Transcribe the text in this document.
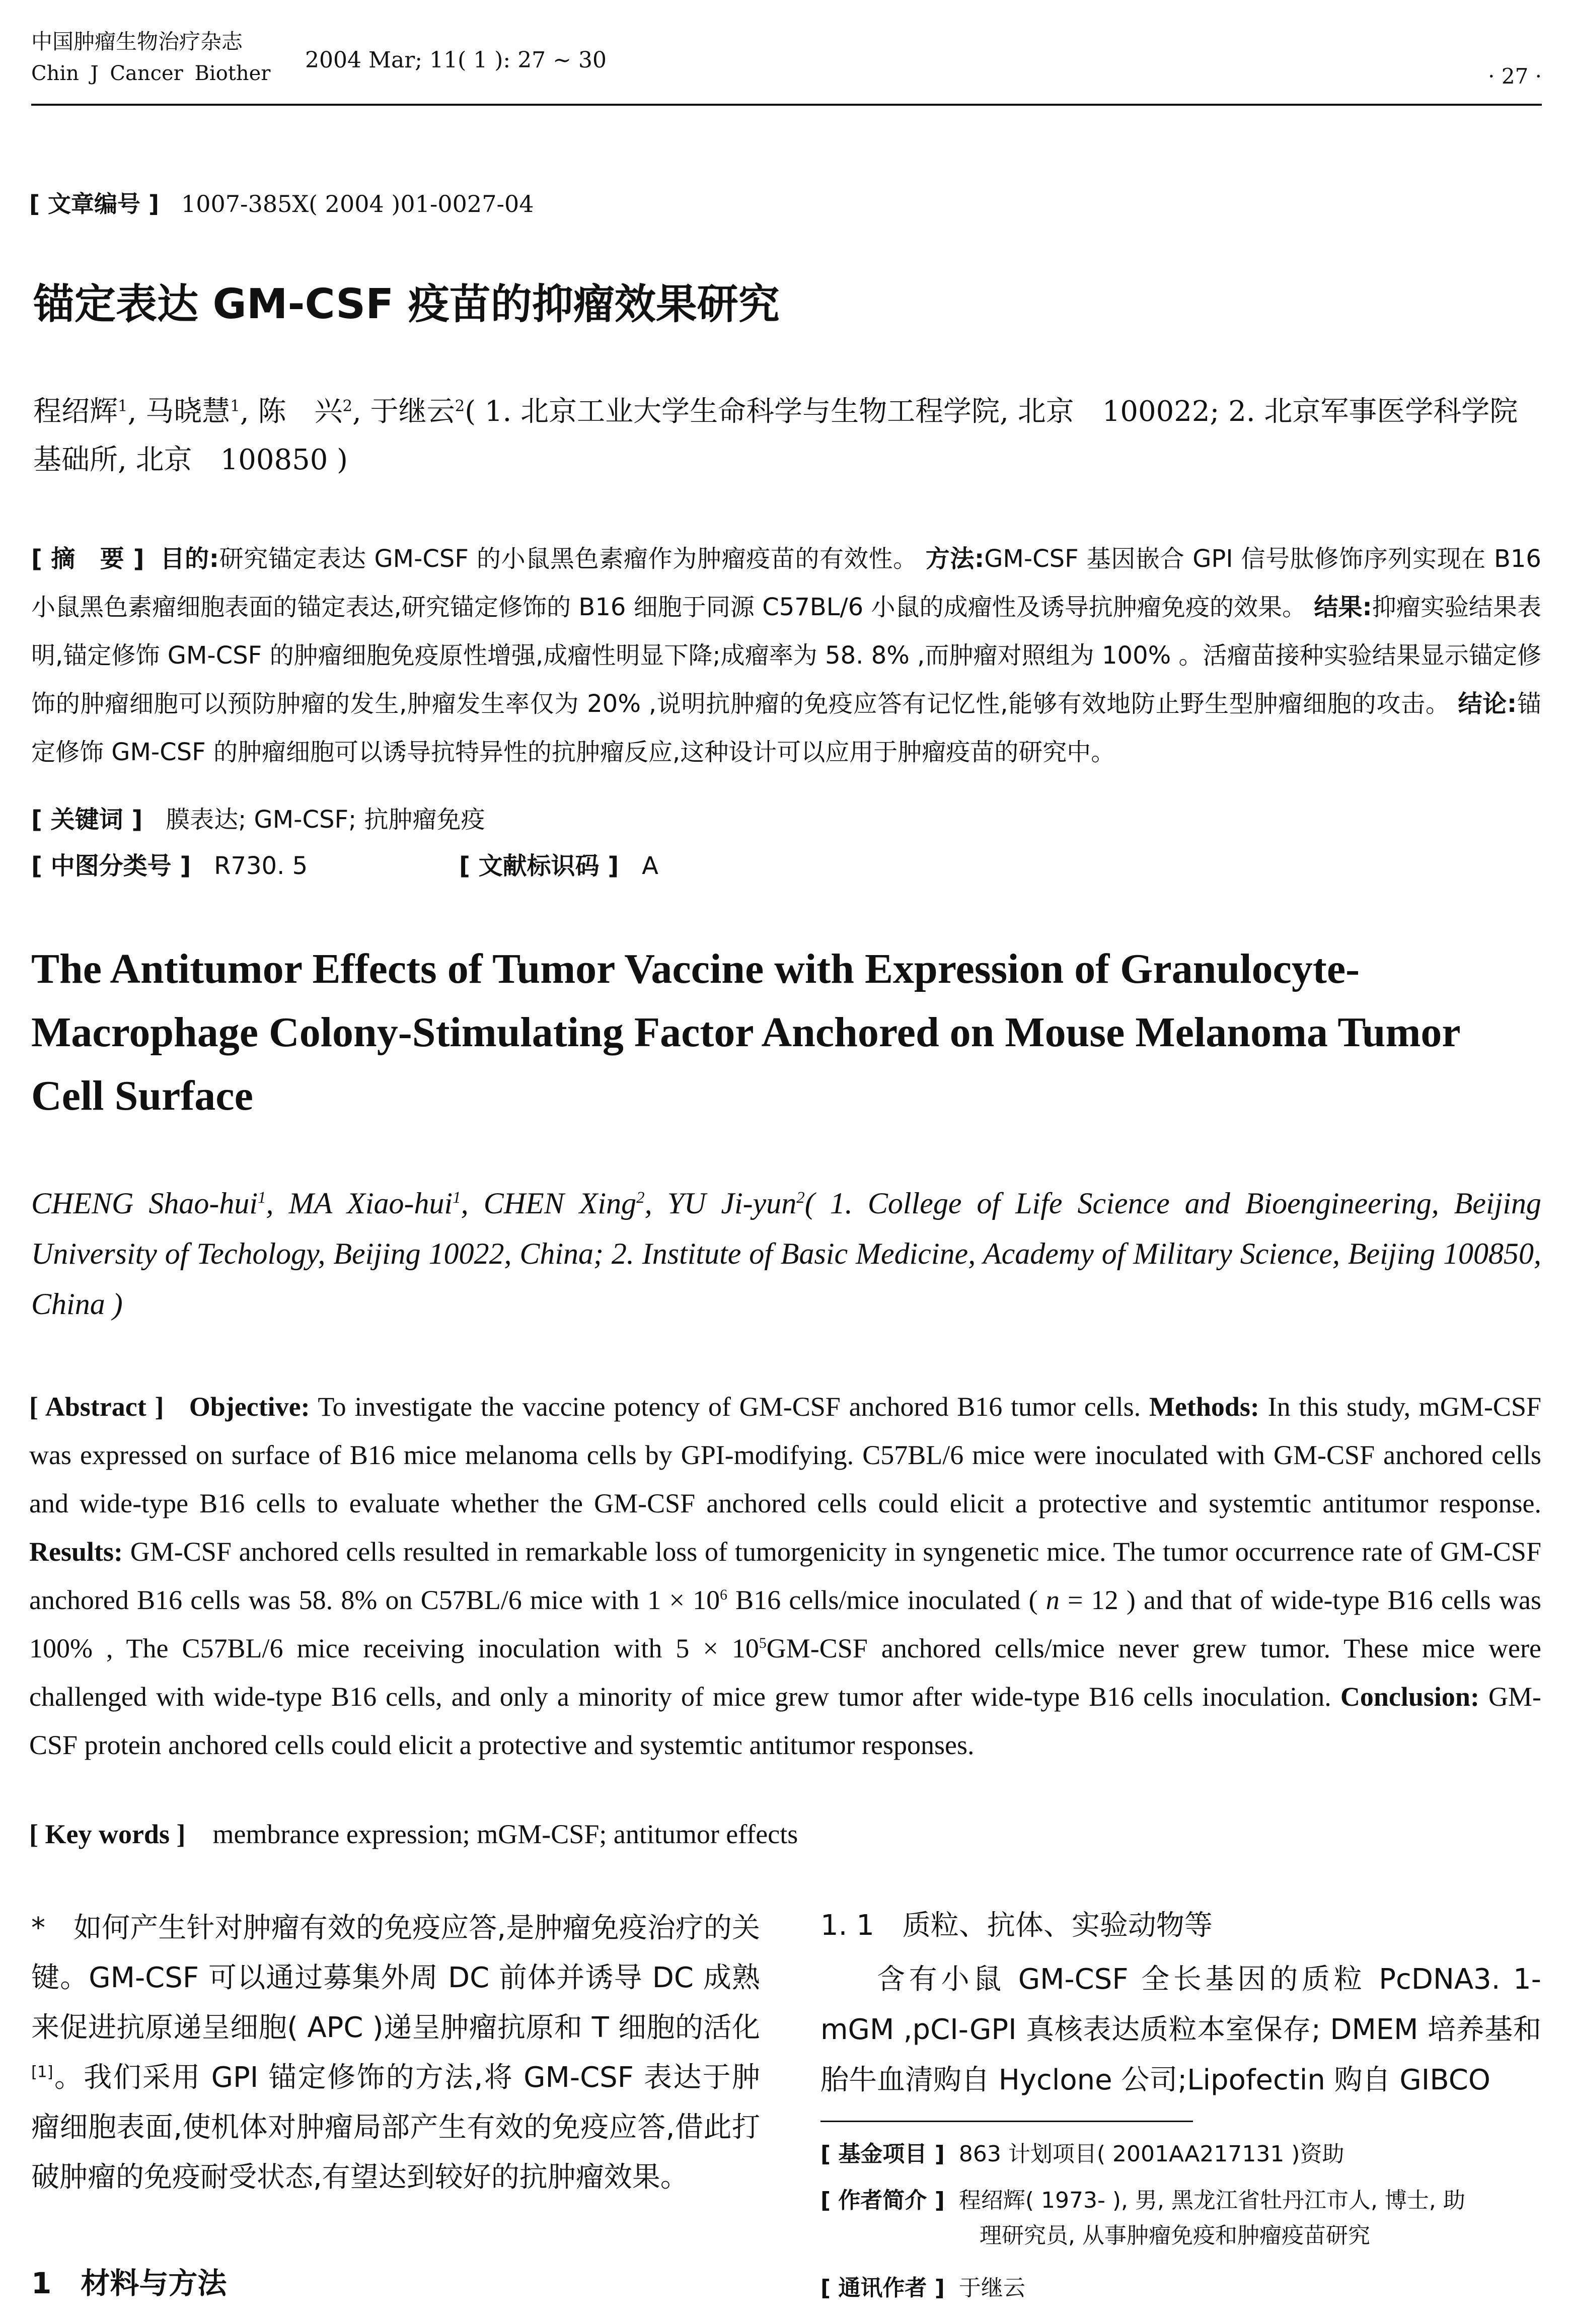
中国肿瘤生物治疗杂志
Chin J Cancer Biother
2004 Mar; 11( 1 ): 27 ~ 30
· 27 ·
[ 文章编号 ] 1007-385X( 2004 )01-0027-04
锚定表达 GM-CSF 疫苗的抑瘤效果研究
程绍辉$^1$, 马晓慧$^1$, 陈　兴$^2$, 于继云$^2$( 1. 北京工业大学生命科学与生物工程学院, 北京　100022; 2. 北京军事医学科学院基础所, 北京　100850 )
[ 摘　要 ] 目的:研究锚定表达 GM-CSF 的小鼠黑色素瘤作为肿瘤疫苗的有效性。 方法:GM-CSF 基因嵌合 GPI 信号肽修饰序列实现在 B16 小鼠黑色素瘤细胞表面的锚定表达,研究锚定修饰的 B16 细胞于同源 C57BL/6 小鼠的成瘤性及诱导抗肿瘤免疫的效果。 结果:抑瘤实验结果表明,锚定修饰 GM-CSF 的肿瘤细胞免疫原性增强,成瘤性明显下降;成瘤率为 58. 8% ,而肿瘤对照组为 100% 。活瘤苗接种实验结果显示锚定修饰的肿瘤细胞可以预防肿瘤的发生,肿瘤发生率仅为 20% ,说明抗肿瘤的免疫应答有记忆性,能够有效地防止野生型肿瘤细胞的攻击。 结论:锚定修饰 GM-CSF 的肿瘤细胞可以诱导抗特异性的抗肿瘤反应,这种设计可以应用于肿瘤疫苗的研究中。
[ 关键词 ] 膜表达; GM-CSF; 抗肿瘤免疫
[ 中图分类号 ] R730. 5	[ 文献标识码 ] A
The Antitumor Effects of Tumor Vaccine with Expression of Granulocyte-Macrophage Colony-Stimulating Factor Anchored on Mouse Melanoma Tumor Cell Surface
CHENG Shao-hui$^1$, MA Xiao-hui$^1$, CHEN Xing$^2$, YU Ji-yun$^2$( 1. College of Life Science and Bioengineering, Beijing University of Techology, Beijing 10022, China; 2. Institute of Basic Medicine, Academy of Military Science, Beijing 100850, China )
[ Abstract ] Objective: To investigate the vaccine potency of GM-CSF anchored B16 tumor cells. Methods: In this study, mGM-CSF was expressed on surface of B16 mice melanoma cells by GPI-modifying. C57BL/6 mice were inoculated with GM-CSF anchored cells and wide-type B16 cells to evaluate whether the GM-CSF anchored cells could elicit a protective and systemtic antitumor response. Results: GM-CSF anchored cells resulted in remarkable loss of tumorgenicity in syngenetic mice. The tumor occurrence rate of GM-CSF anchored B16 cells was 58. 8% on C57BL/6 mice with $1 \times 10^6$ B16 cells/mice inoculated ( n = 12 ) and that of wide-type B16 cells was 100% , The C57BL/6 mice receiving inoculation with $5 \times 10^5GM$-CSF anchored cells/mice never grew tumor. These mice were challenged with wide-type B16 cells, and only a minority of mice grew tumor after wide-type B16 cells inoculation. Conclusion: GM-CSF protein anchored cells could elicit a protective and systemtic antitumor responses.
[ Key words ] membrance expression; mGM-CSF; antitumor effects
*　如何产生针对肿瘤有效的免疫应答,是肿瘤免疫治疗的关键。GM-CSF 可以通过募集外周 DC 前体并诱导 DC 成熟来促进抗原递呈细胞( APC )递呈肿瘤抗原和 T 细胞的活化[1]。我们采用 GPI 锚定修饰的方法,将 GM-CSF 表达于肿瘤细胞表面,使机体对肿瘤局部产生有效的免疫应答,借此打破肿瘤的免疫耐受状态,有望达到较好的抗肿瘤效果。
1　材料与方法
1. 1　质粒、抗体、实验动物等
含有小鼠 GM-CSF 全长基因的质粒 PcDNA3. 1-mGM ,pCI-GPI 真核表达质粒本室保存; DMEM 培养基和胎牛血清购自 Hyclone 公司;Lipofectin 购自 GIBCO
[ 基金项目 ] 863 计划项目( 2001AA217131 )资助
[ 作者简介 ] 程绍辉( 1973- ), 男, 黑龙江省牡丹江市人, 博士, 助
理研究员, 从事肿瘤免疫和肿瘤疫苗研究
[ 通讯作者 ] 于继云
